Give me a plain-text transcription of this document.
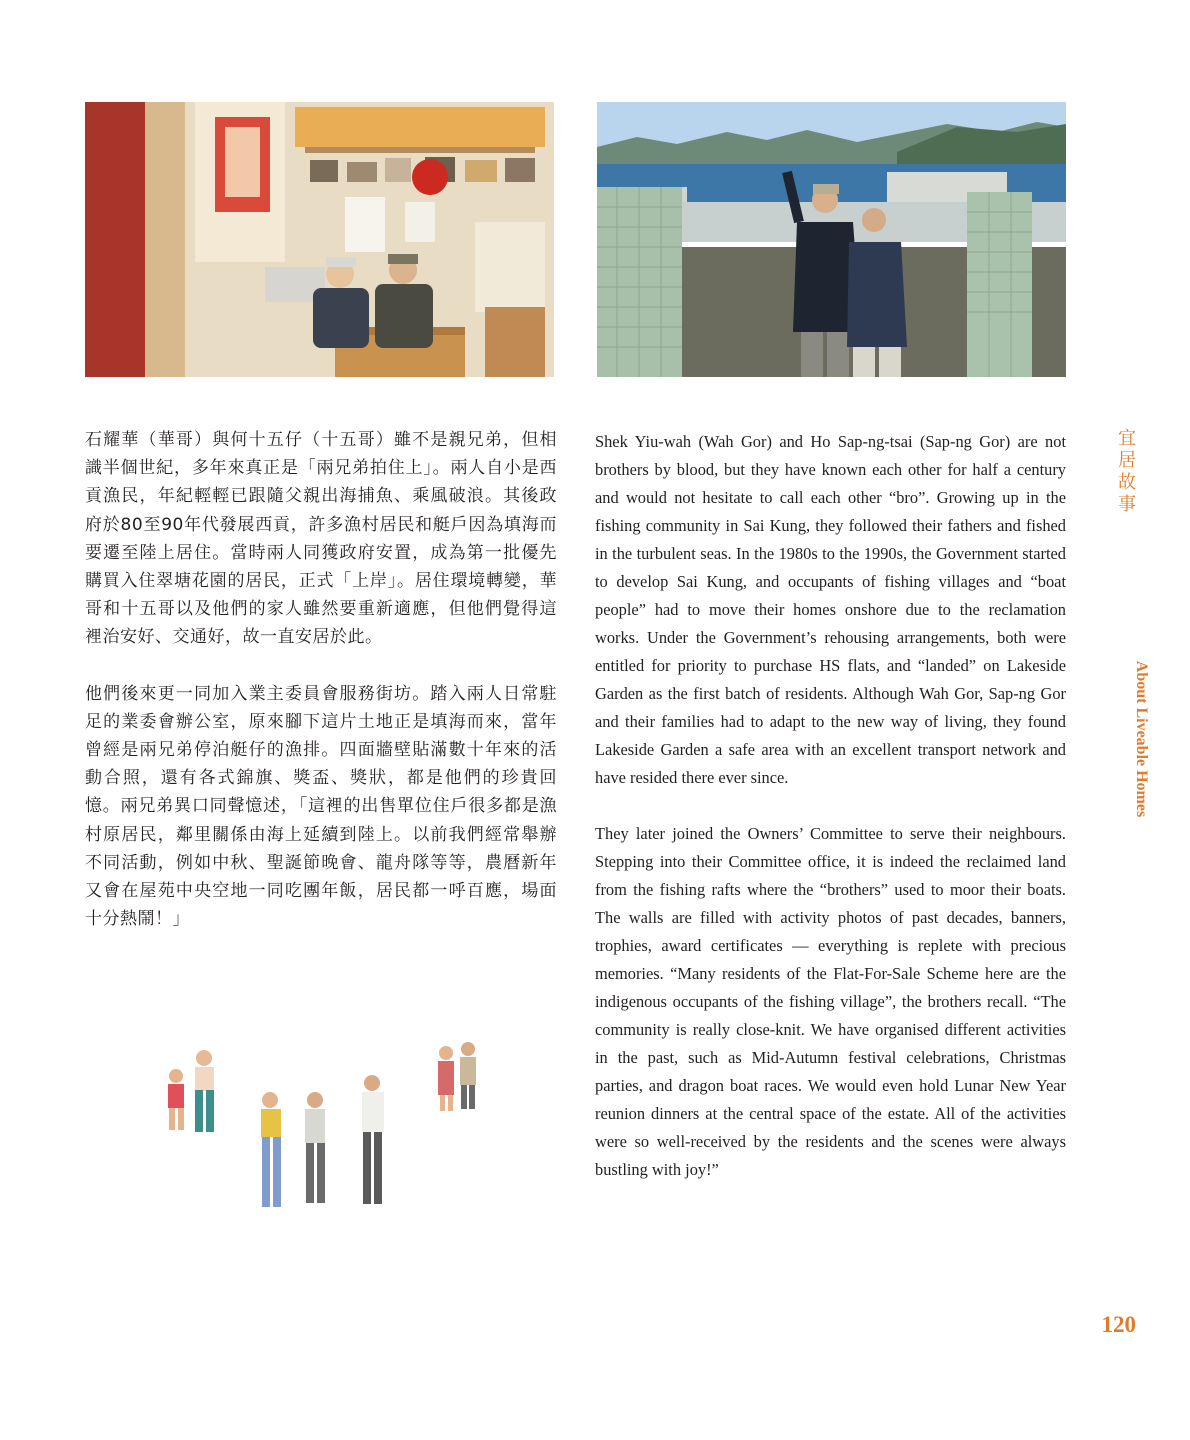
石耀華（華哥）與何十五仔（十五哥）雖不是親兄弟，但相識半個世紀，多年來真正是「兩兄弟拍住上」。兩人自小是西貢漁民，年紀輕輕已跟隨父親出海捕魚、乘風破浪。其後政府於80至90年代發展西貢，許多漁村居民和艇戶因為填海而要遷至陸上居住。當時兩人同獲政府安置，成為第一批優先購買入住翠塘花園的居民，正式「上岸」。居住環境轉變，華哥和十五哥以及他們的家人雖然要重新適應，但他們覺得這裡治安好、交通好，故一直安居於此。

他們後來更一同加入業主委員會服務街坊。踏入兩人日常駐足的業委會辦公室，原來腳下這片土地正是填海而來，當年曾經是兩兄弟停泊艇仔的漁排。四面牆壁貼滿數十年來的活動合照，還有各式錦旗、獎盃、獎狀，都是他們的珍貴回憶。兩兄弟異口同聲憶述，「這裡的出售單位住戶很多都是漁村原居民，鄰里關係由海上延續到陸上。以前我們經常舉辦不同活動，例如中秋、聖誕節晚會、龍舟隊等等，農曆新年又會在屋苑中央空地一同吃團年飯，居民都一呼百應，場面十分熱鬧！」

Shek Yiu-wah (Wah Gor) and Ho Sap-ng-tsai (Sap-ng Gor) are not brothers by blood, but they have known each other for half a century and would not hesitate to call each other “bro”. Growing up in the fishing community in Sai Kung, they followed their fathers and fished in the turbulent seas. In the 1980s to the 1990s, the Government started to develop Sai Kung, and occupants of fishing villages and “boat people” had to move their homes onshore due to the reclamation works. Under the Government’s rehousing arrangements, both were entitled for priority to purchase HS flats, and “landed” on Lakeside Garden as the first batch of residents. Although Wah Gor, Sap-ng Gor and their families had to adapt to the new way of living, they found Lakeside Garden a safe area with an excellent transport network and have resided there ever since.

They later joined the Owners’ Committee to serve their neighbours. Stepping into their Committee office, it is indeed the reclaimed land from the fishing rafts where the “brothers” used to moor their boats. The walls are filled with activity photos of past decades, banners, trophies, award certificates — everything is replete with precious memories. “Many residents of the Flat-For-Sale Scheme here are the indigenous occupants of the fishing village”, the brothers recall. “The community is really close-knit. We have organised different activities in the past, such as Mid-Autumn festival celebrations, Christmas parties, and dragon boat races. We would even hold Lunar New Year reunion dinners at the central space of the estate. All of the activities were so well-received by the residents and the scenes were always bustling with joy!”

宜居故事
About Liveable Homes
120
